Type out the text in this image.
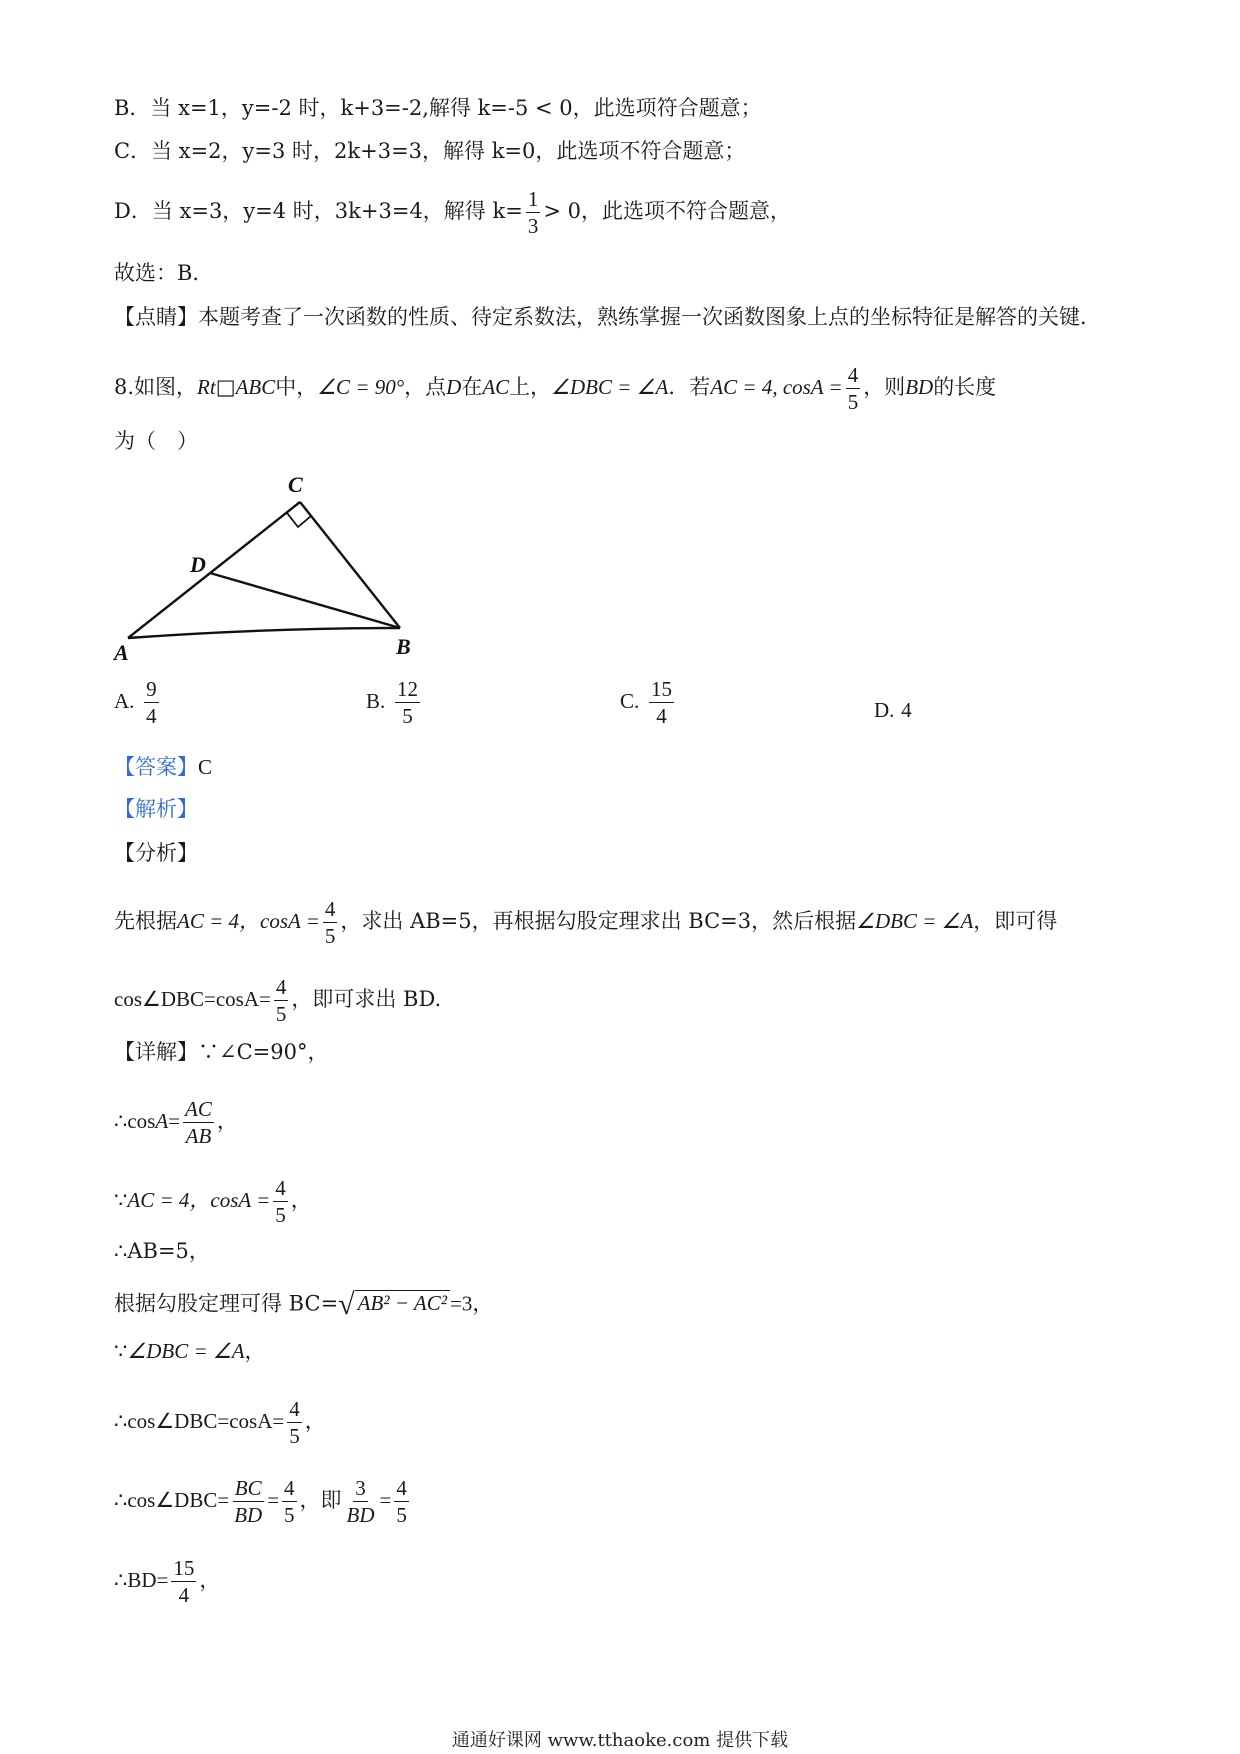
B．当 x=1，y=-2 时，k+3=-2,解得 k=-5 < 0，此选项符合题意；
C．当 x=2，y=3 时，2k+3=3，解得 k=0，此选项不符合题意；
D．当 x=3，y=4 时，3k+3=4，解得 $k= \frac{1}{3} > 0$，此选项不符合题意，
故选：B．
【点睛】本题考查了一次函数的性质、待定系数法，熟练掌握一次函数图象上点的坐标特征是解答的关键．
8.如图，Rt□ABC中，∠C = 90°，点D在AC上，∠DBC = ∠A．若AC = 4, $\cos A = \frac{4}{5}$ ，则BD的长度
为（　）
C
D
A	B
A. $\frac{9}{4}$	B. $\frac{12}{5}$	C. $\frac{15}{4}$	D. 4
【答案】C
【解析】
【分析】
先根据AC = 4，$\cos A = \frac{4}{5}$ ，求出 AB=5，再根据勾股定理求出 BC=3，然后根据∠DBC = ∠A，即可得
cos∠DBC=cosA= $\frac{4}{5}$ ，即可求出 BD.
【详解】∵∠C=90°，
∴cosA= $\frac{AC}{AB}$ ，
∵AC = 4，$\cos A = \frac{4}{5}$ ，
∴AB=5，
根据勾股定理可得 BC= √ AB² − AC² =3，
∵∠DBC = ∠A，
∴cos∠DBC=cosA= $\frac{4}{5}$ ，
∴cos∠DBC= $\frac{BC}{BD} = \frac{4}{5}$ ，即 $\frac{3}{BD} = \frac{4}{5}$
∴BD= $\frac{15}{4}$ ，
通通好课网 www.tthaoke.com 提供下载
